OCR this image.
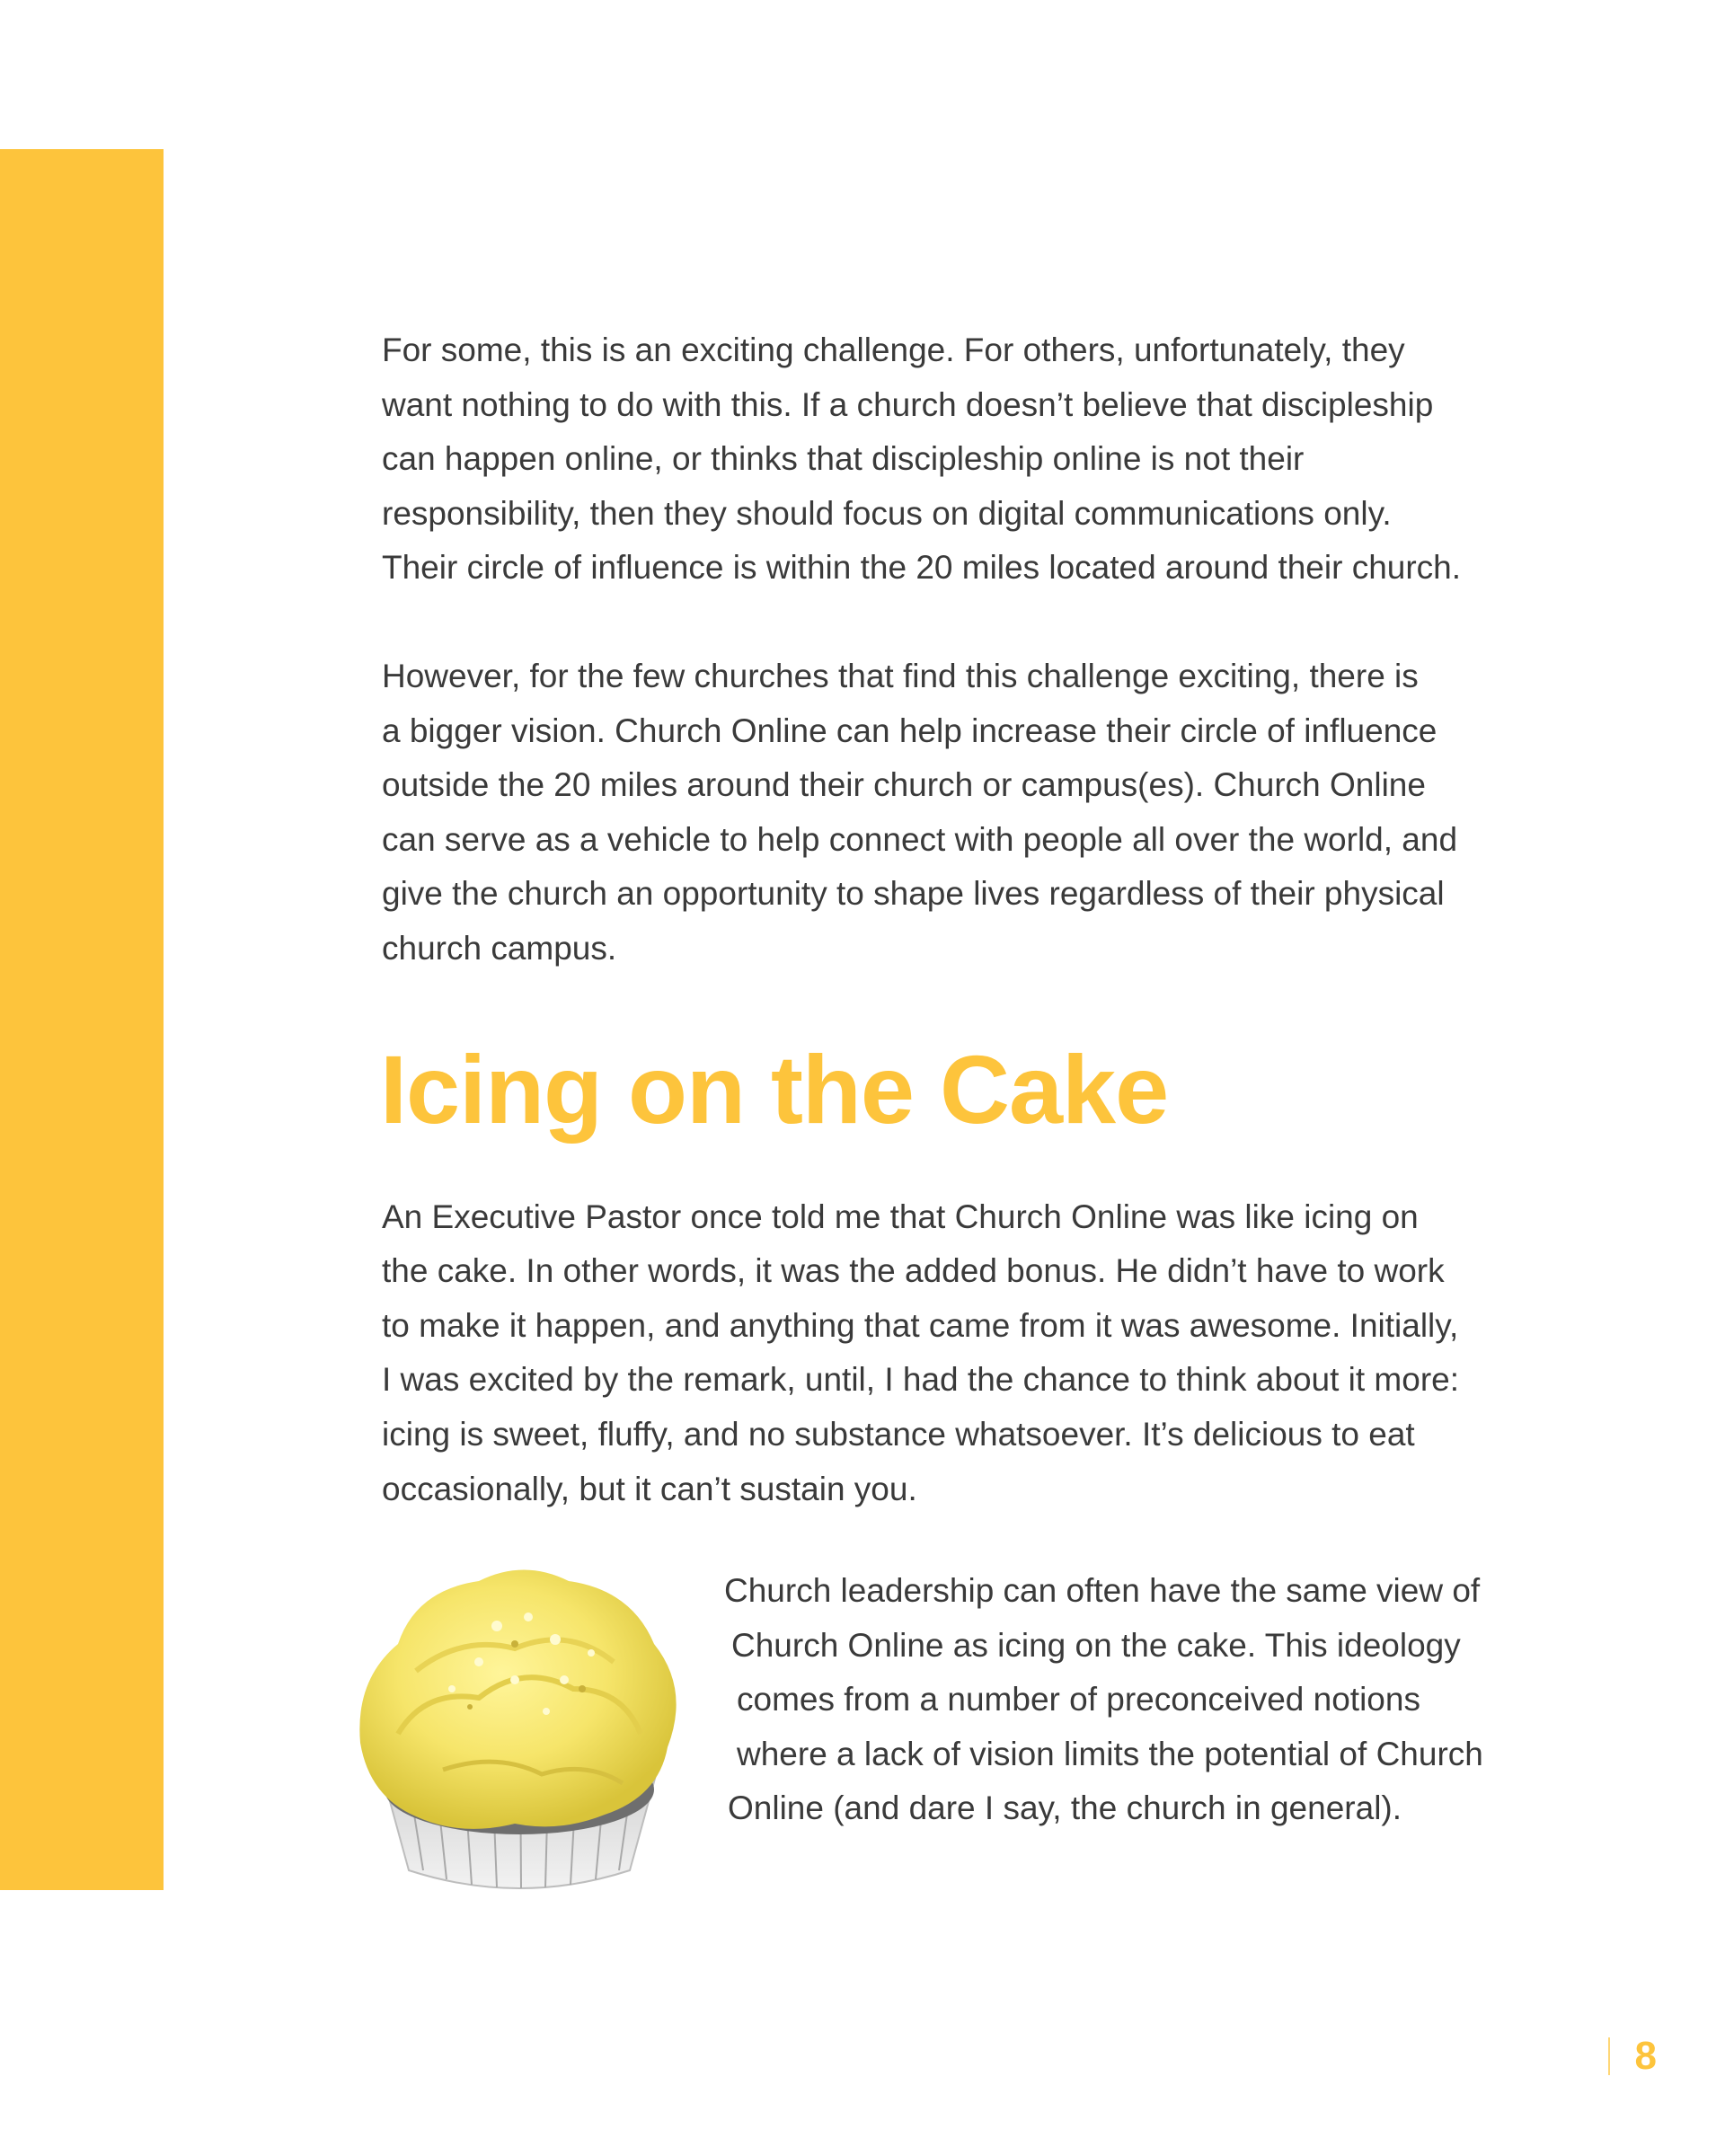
For some, this is an exciting challenge. For others, unfortunately, they
want nothing to do with this. If a church doesn’t believe that discipleship
can happen online, or thinks that discipleship online is not their
responsibility, then they should focus on digital communications only.
Their circle of influence is within the 20 miles located around their church.

However, for the few churches that find this challenge exciting, there is
a bigger vision. Church Online can help increase their circle of influence
outside the 20 miles around their church or campus(es). Church Online
can serve as a vehicle to help connect with people all over the world, and
give the church an opportunity to shape lives regardless of their physical
church campus.

Icing on the Cake

An Executive Pastor once told me that Church Online was like icing on
the cake. In other words, it was the added bonus. He didn’t have to work
to make it happen, and anything that came from it was awesome. Initially,
I was excited by the remark, until, I had the chance to think about it more:
icing is sweet, fluffy, and no substance whatsoever. It’s delicious to eat
occasionally, but it can’t sustain you.

Church leadership can often have the same view of
Church Online as icing on the cake. This ideology
comes from a number of preconceived notions
where a lack of vision limits the potential of Church
Online (and dare I say, the church in general).
8
